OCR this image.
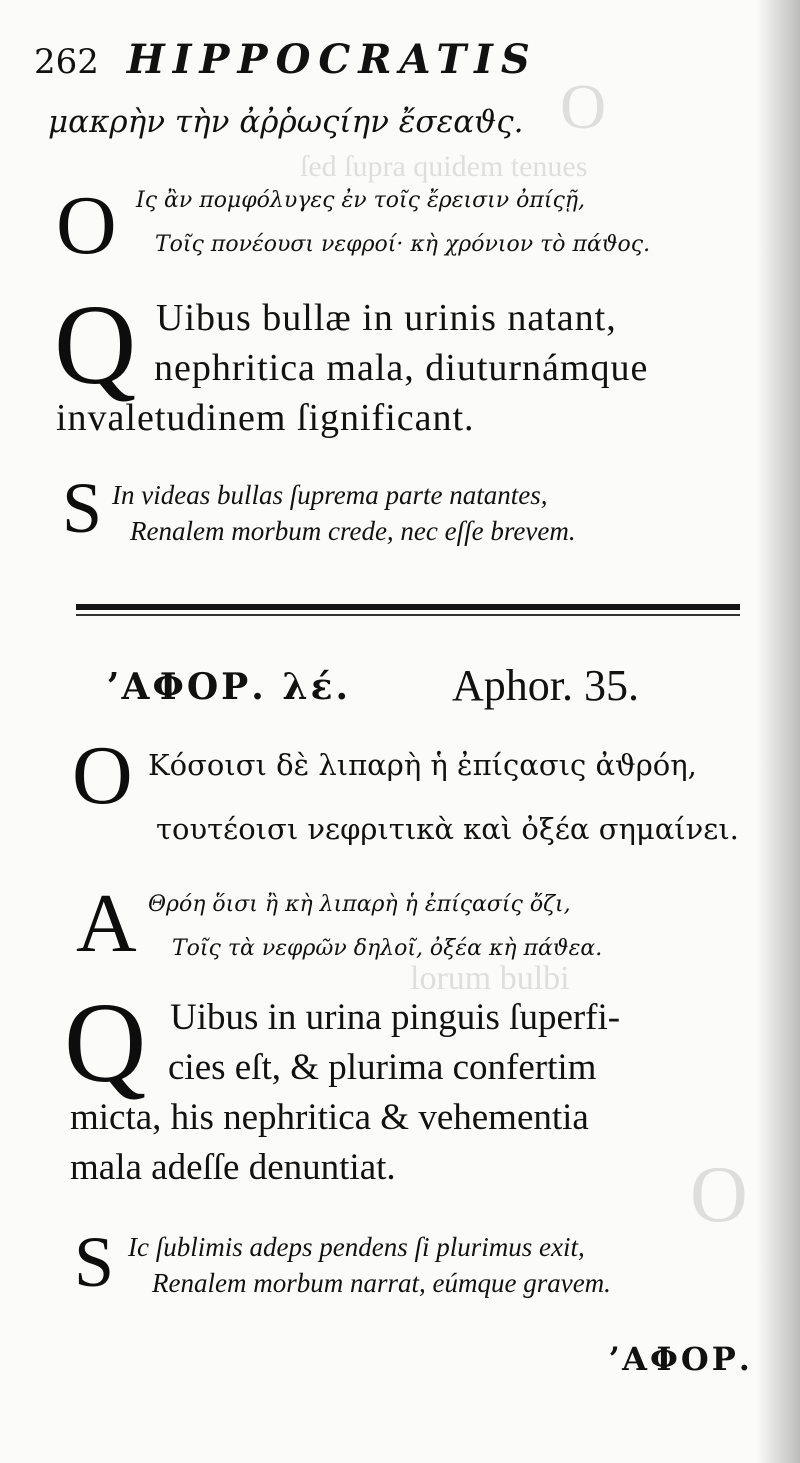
O
ſed ſupra quidem tenues
lorum bulbi
O
262 HIPPOCRATIS
μακρὴν τὴν ἀῤῥωςίην ἔσεαϑς.
O Ις ἂν πομφόλυγες ἐν τοῖς ἔρεισιν ὀπίςῇ,
Τοῖς πονέουσι νεφροί· κὴ χρόνιον τὸ πάϑος.
Q Uibus bullæ in urinis natant,
nephritica mala, diuturnámque
invaletudinem ſignificant.
S In videas bullas ſuprema parte natantes,
Renalem morbum crede, nec eſſe brevem.
ʼΑΦΟΡ. λέ. Aphor. 35.
O Κόσοισι δὲ λιπαρὴ ἡ ἐπίςασις ἀϑρόη,
τουτέοισι νεφριτικὰ καὶ ὀξέα σημαίνει.
A Θρόη ὅισι ἢ κὴ λιπαρὴ ἡ ἐπίςασίς ὄζι,
Τοῖς τὰ νεφρῶν δηλοῖ, ὀξέα κὴ πάϑεα.
Q Uibus in urina pinguis ſuperfi-
cies eſt, & plurima confertim
micta, his nephritica & vehementia
mala adeſſe denuntiat.
S Ic ſublimis adeps pendens ſi plurimus exit,
Renalem morbum narrat, eúmque gravem.
ʼΑΦΟΡ.
